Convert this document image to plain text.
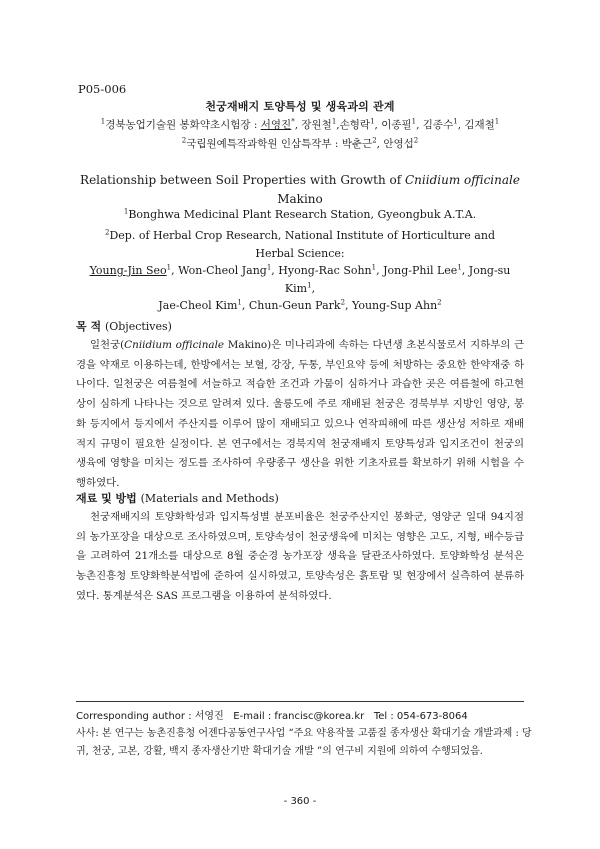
P05-006
천궁재배지 토양특성 및 생육과의 관계
$^1$경북농업기술원 봉화약초시험장 : 서영진*, 장원철$^1$,손형락$^1$, 이종필$^1$, 김종수$^1$, 김재철$^1$
$^2$국립원예특작과학원 인삼특작부 : 박춘근$^2$, 안영섭$^2$
Relationship between Soil Properties with Growth of Cniidium officinale
Makino
$^1$Bonghwa Medicinal Plant Research Station, Gyeongbuk A.T.A.
$^2$Dep. of Herbal Crop Research, National Institute of Horticulture and Herbal Science:
Young-Jin Seo$^1$, Won-Cheol Jang$^1$, Hyong-Rac Sohn$^1$, Jong-Phil Lee$^1$, Jong-su Kim$^1$,
Jae-Cheol Kim$^1$, Chun-Geun Park$^2$, Young-Sup Ahn$^2$
목 적 (Objectives)
일천궁(Cniidium officinale Makino)은 미나리과에 속하는 다년생 초본식물로서 지하부의 근경을 약재로 이용하는데, 한방에서는 보혈, 강장, 두통, 부인요약 등에 처방하는 중요한 한약재중 하나이다. 일천궁은 여름철에 서늘하고 적습한 조건과 가뭄이 심하거나 과습한 곳은 여름철에 하고현상이 심하게 나타나는 것으로 알려져 있다. 울릉도에 주로 재배된 천궁은 경북부부 지방인 영양, 봉화 등지에서 등지에서 주산지를 이루어 많이 재배되고 있으나 연작피해에 따른 생산성 저하로 재배적지 규명이 필요한 실정이다. 본 연구에서는 경북지역 천궁재배지 토양특성과 입지조건이 천궁의 생육에 영향을 미치는 정도를 조사하여 우량종구 생산을 위한 기초자료를 확보하기 위해 시험을 수행하였다.
재료 및 방법 (Materials and Methods)
천궁재배지의 토양화학성과 입지특성별 분포비율은 천궁주산지인 봉화군, 영양군 일대 94지점의 농가포장을 대상으로 조사하였으며, 토양속성이 천궁생육에 미치는 영향은 고도, 지형, 배수등급을 고려하여 21개소를 대상으로 8월 중순경 농가포장 생육을 달관조사하였다. 토양화학성 분석은 농촌진흥청 토양화학분석법에 준하여 실시하였고, 토양속성은 흙토람 및 현장에서 실측하여 분류하였다. 통계분석은 SAS 프로그램을 이용하여 분석하였다.
Corresponding author : 서영진 E-mail : francisc@korea.kr Tel : 054-673-8064
사사: 본 연구는 농촌진흥청 어젠다공동연구사업 “주요 약용작물 고품질 종자생산 확대기술 개발과제 : 당귀, 천궁, 고본, 강활, 백지 종자생산기반 확대기술 개발 ”의 연구비 지원에 의하여 수행되었음.
- 360 -
